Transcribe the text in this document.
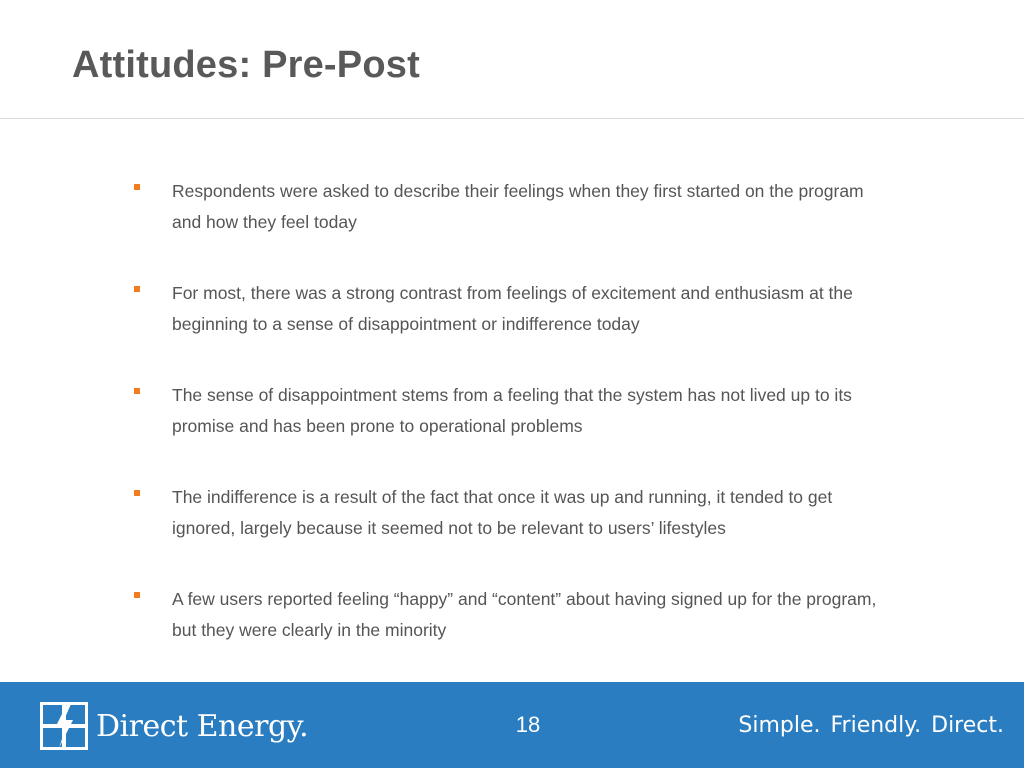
Attitudes: Pre-Post
Respondents were asked to describe their feelings when they first started on the program and how they feel today
For most, there was a strong contrast from feelings of excitement and enthusiasm at the beginning to a sense of disappointment or indifference today
The sense of disappointment stems from a feeling that the system has not lived up to its promise and has been prone to operational problems
The indifference is a result of the fact that once it was up and running, it tended to get ignored, largely because it seemed not to be relevant to users’ lifestyles
A few users reported feeling “happy” and “content” about having signed up for the program, but they were clearly in the minority
Direct Energy.	18	Simple. Friendly. Direct.
